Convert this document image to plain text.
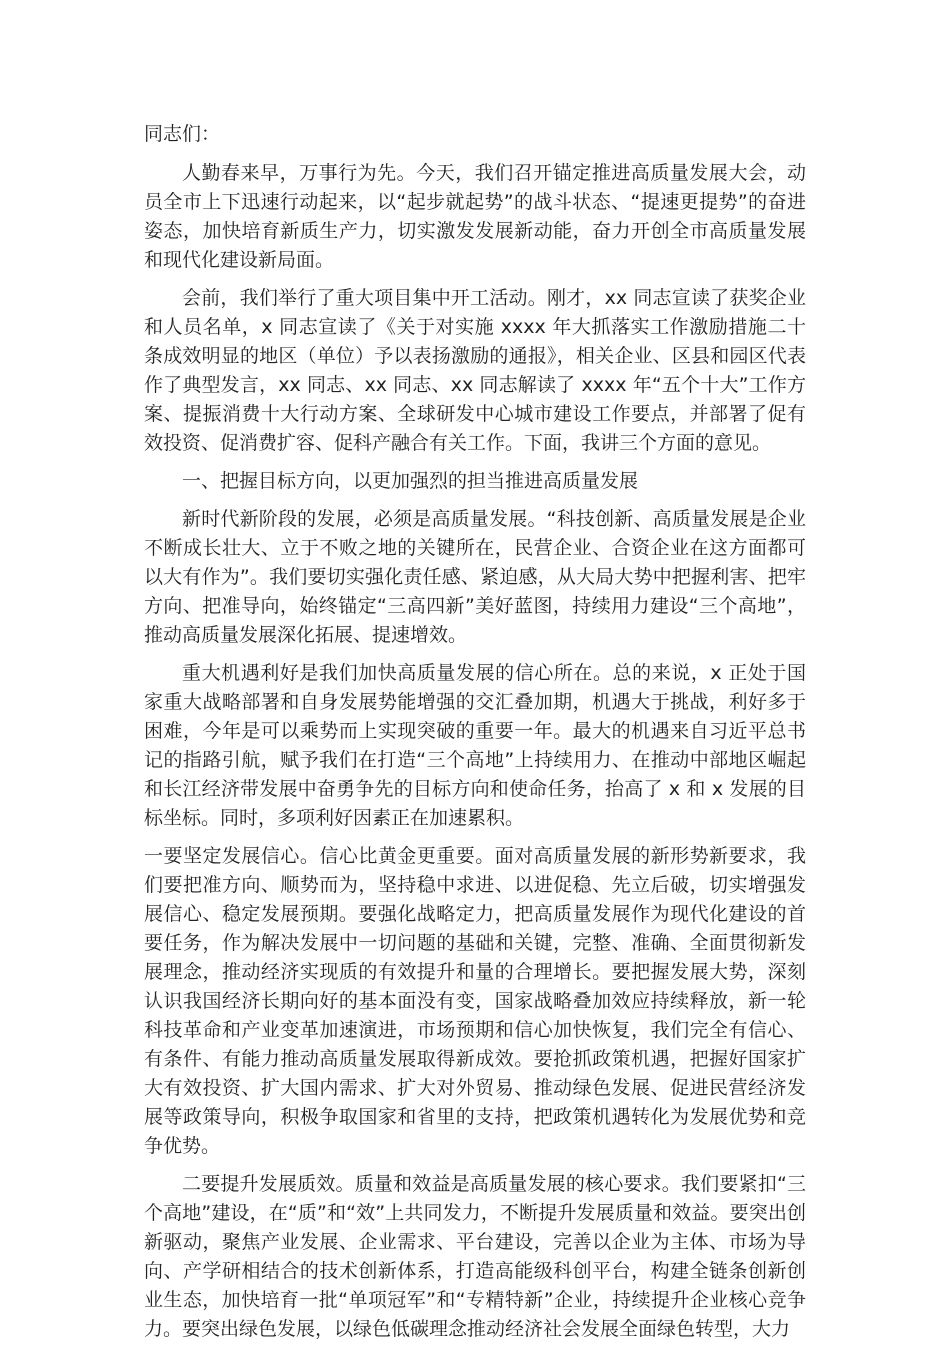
同志们：

人勤春来早，万事行为先。今天，我们召开锚定推进高质量发展大会，动员全市上下迅速行动起来，以“起步就起势”的战斗状态、“提速更提势”的奋进姿态，加快培育新质生产力，切实激发发展新动能，奋力开创全市高质量发展和现代化建设新局面。

会前，我们举行了重大项目集中开工活动。刚才，xx 同志宣读了获奖企业和人员名单，x 同志宣读了《关于对实施 xxxx 年大抓落实工作激励措施二十条成效明显的地区（单位）予以表扬激励的通报》，相关企业、区县和园区代表作了典型发言，xx 同志、xx 同志、xx 同志解读了 xxxx 年“五个十大”工作方案、提振消费十大行动方案、全球研发中心城市建设工作要点，并部署了促有效投资、促消费扩容、促科产融合有关工作。下面，我讲三个方面的意见。

一、把握目标方向，以更加强烈的担当推进高质量发展

新时代新阶段的发展，必须是高质量发展。“科技创新、高质量发展是企业不断成长壮大、立于不败之地的关键所在，民营企业、合资企业在这方面都可以大有作为”。我们要切实强化责任感、紧迫感，从大局大势中把握利害、把牢方向、把准导向，始终锚定“三高四新”美好蓝图，持续用力建设“三个高地”，推动高质量发展深化拓展、提速增效。

重大机遇利好是我们加快高质量发展的信心所在。总的来说，x 正处于国家重大战略部署和自身发展势能增强的交汇叠加期，机遇大于挑战，利好多于困难，今年是可以乘势而上实现突破的重要一年。最大的机遇来自习近平总书记的指路引航，赋予我们在打造“三个高地”上持续用力、在推动中部地区崛起和长江经济带发展中奋勇争先的目标方向和使命任务，抬高了 x 和 x 发展的目标坐标。同时，多项利好因素正在加速累积。

一要坚定发展信心。信心比黄金更重要。面对高质量发展的新形势新要求，我们要把准方向、顺势而为，坚持稳中求进、以进促稳、先立后破，切实增强发展信心、稳定发展预期。要强化战略定力，把高质量发展作为现代化建设的首要任务，作为解决发展中一切问题的基础和关键，完整、准确、全面贯彻新发展理念，推动经济实现质的有效提升和量的合理增长。要把握发展大势，深刻认识我国经济长期向好的基本面没有变，国家战略叠加效应持续释放，新一轮科技革命和产业变革加速演进，市场预期和信心加快恢复，我们完全有信心、有条件、有能力推动高质量发展取得新成效。要抢抓政策机遇，把握好国家扩大有效投资、扩大国内需求、扩大对外贸易、推动绿色发展、促进民营经济发展等政策导向，积极争取国家和省里的支持，把政策机遇转化为发展优势和竞争优势。

二要提升发展质效。质量和效益是高质量发展的核心要求。我们要紧扣“三个高地”建设，在“质”和“效”上共同发力，不断提升发展质量和效益。要突出创新驱动，聚焦产业发展、企业需求、平台建设，完善以企业为主体、市场为导向、产学研相结合的技术创新体系，打造高能级科创平台，构建全链条创新创业生态，加快培育一批“单项冠军”和“专精特新”企业，持续提升企业核心竞争力。要突出绿色发展，以绿色低碳理念推动经济社会发展全面绿色转型，大力
